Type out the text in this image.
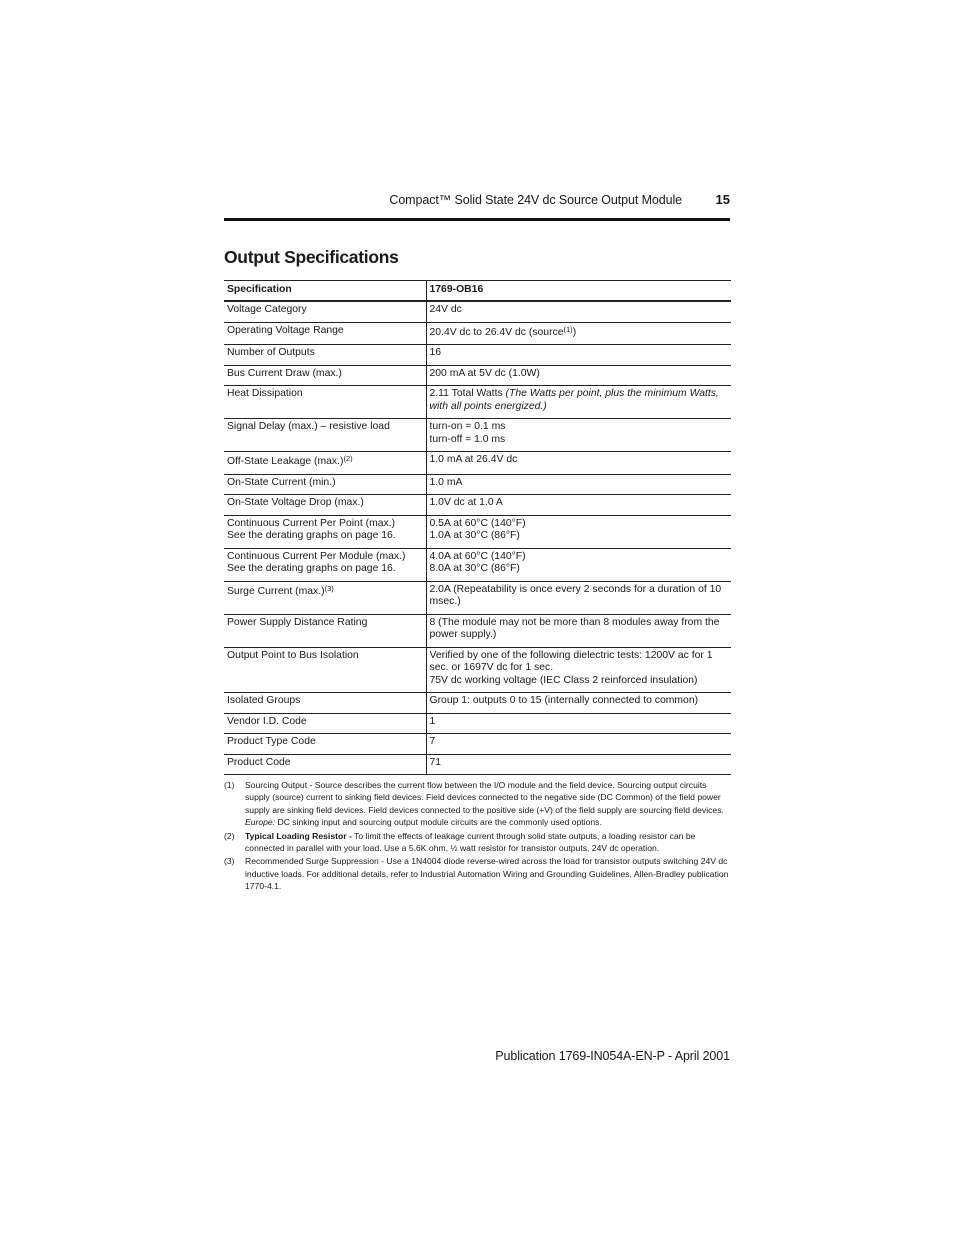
Compact™ Solid State 24V dc Source Output Module	15
Output Specifications
Specification	1769-OB16
Voltage Category	24V dc
Operating Voltage Range	20.4V dc to 26.4V dc (source$^{(1)}$)
Number of Outputs	16
Bus Current Draw (max.)	200 mA at 5V dc (1.0W)
Heat Dissipation	2.11 Total Watts (The Watts per point, plus the minimum Watts, with all points energized.)
Signal Delay (max.) – resistive load	turn-on = 0.1 ms
turn-off = 1.0 ms
Off-State Leakage $(\max.)^{(2)}$	1.0 mA at 26.4V dc
On-State Current (min.)	1.0 mA
On-State Voltage Drop (max.)	1.0V dc at 1.0 A
Continuous Current Per Point (max.)
See the derating graphs on page 16.	0.5A at 60°C (140°F)
1.0A at 30°C (86°F)
Continuous Current Per Module (max.)
See the derating graphs on page 16.	4.0A at 60°C (140°F)
8.0A at 30°C (86°F)
Surge Current $(\max.)^{(3)}$	2.0A (Repeatability is once every 2 seconds for a duration of 10 msec.)
Power Supply Distance Rating	8 (The module may not be more than 8 modules away from the power supply.)
Output Point to Bus Isolation	Verified by one of the following dielectric tests: 1200V ac for 1 sec. or 1697V dc for 1 sec.
75V dc working voltage (IEC Class 2 reinforced insulation)
Isolated Groups	Group 1: outputs 0 to 15 (internally connected to common)
Vendor I.D. Code	1
Product Type Code	7
Product Code	71
(1)	Sourcing Output - Source describes the current flow between the I/O module and the field device. Sourcing output circuits supply (source) current to sinking field devices. Field devices connected to the negative side (DC Common) of the field power supply are sinking field devices. Field devices connected to the positive side (+V) of the field supply are sourcing field devices. Europe: DC sinking input and sourcing output module circuits are the commonly used options.
(2)	Typical Loading Resistor - To limit the effects of leakage current through solid state outputs, a loading resistor can be connected in parallel with your load. Use a 5.6K ohm, ½ watt resistor for transistor outputs, 24V dc operation.
(3)	Recommended Surge Suppression - Use a 1N4004 diode reverse-wired across the load for transistor outputs switching 24V dc inductive loads. For additional details, refer to Industrial Automation Wiring and Grounding Guidelines, Allen-Bradley publication 1770-4.1.
Publication 1769-IN054A-EN-P - April 2001
